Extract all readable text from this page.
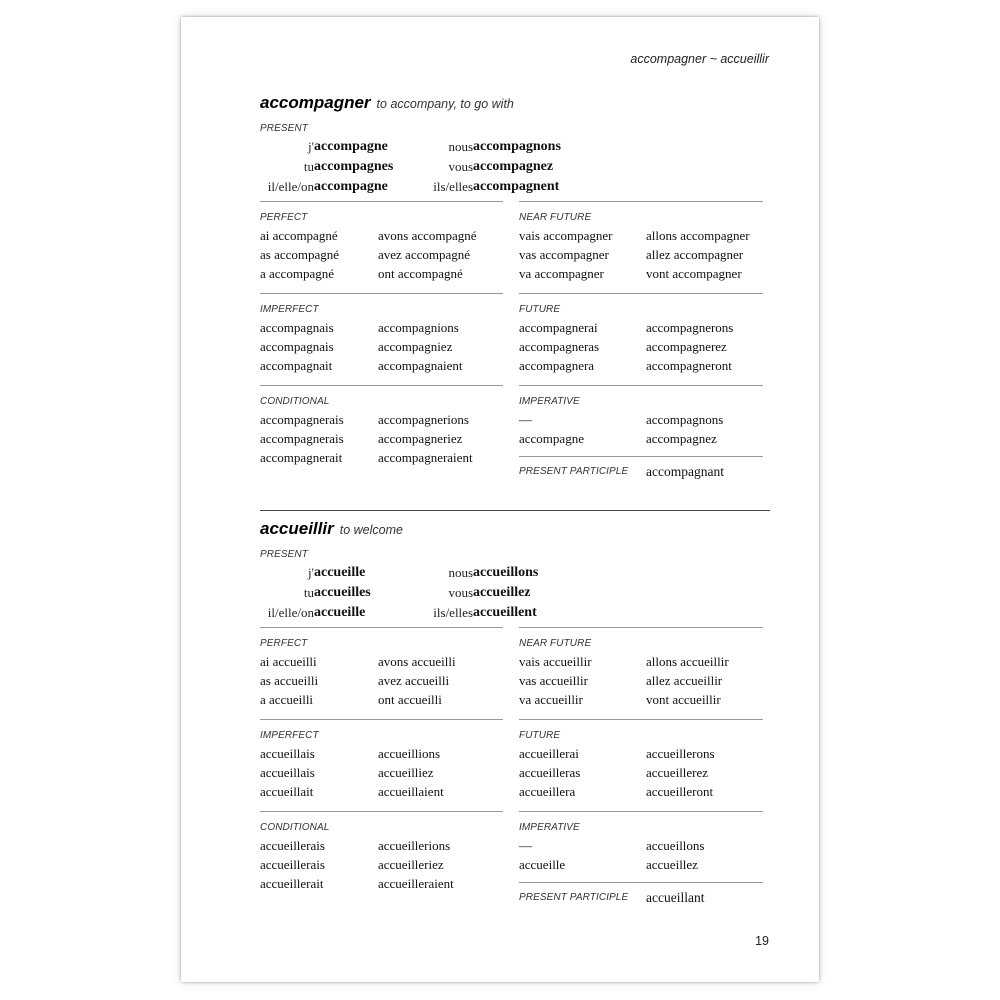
accompagner ~ accueillir
accompagner to accompany, to go with
PRESENT
j' accompagne	nous accompagnons
tu accompagnes	vous accompagnez
il/elle/on accompagne	ils/elles accompagnent
PERFECT
ai accompagné	avons accompagné
as accompagné	avez accompagné
a accompagné	ont accompagné
NEAR FUTURE
vais accompagner	allons accompagner
vas accompagner	allez accompagner
va accompagner	vont accompagner
IMPERFECT
accompagnais	accompagnions
accompagnais	accompagniez
accompagnait	accompagnaient
FUTURE
accompagnerai	accompagnerons
accompagneras	accompagnerez
accompagnera	accompagneront
CONDITIONAL
accompagnerais	accompagnerions
accompagnerais	accompagneriez
accompagnerait	accompagneraient
IMPERATIVE
—	accompagnons
accompagne	accompagnez
PRESENT PARTICIPLE accompagnant
accueillir to welcome
PRESENT
j' accueille	nous accueillons
tu accueilles	vous accueillez
il/elle/on accueille	ils/elles accueillent
PERFECT
ai accueilli	avons accueilli
as accueilli	avez accueilli
a accueilli	ont accueilli
NEAR FUTURE
vais accueillir	allons accueillir
vas accueillir	allez accueillir
va accueillir	vont accueillir
IMPERFECT
accueillais	accueillions
accueillais	accueilliez
accueillait	accueillaient
FUTURE
accueillerai	accueillerons
accueilleras	accueillerez
accueillera	accueilleront
CONDITIONAL
accueillerais	accueillerions
accueillerais	accueilleriez
accueillerait	accueilleraient
IMPERATIVE
—	accueillons
accueille	accueillez
PRESENT PARTICIPLE accueillant
19
